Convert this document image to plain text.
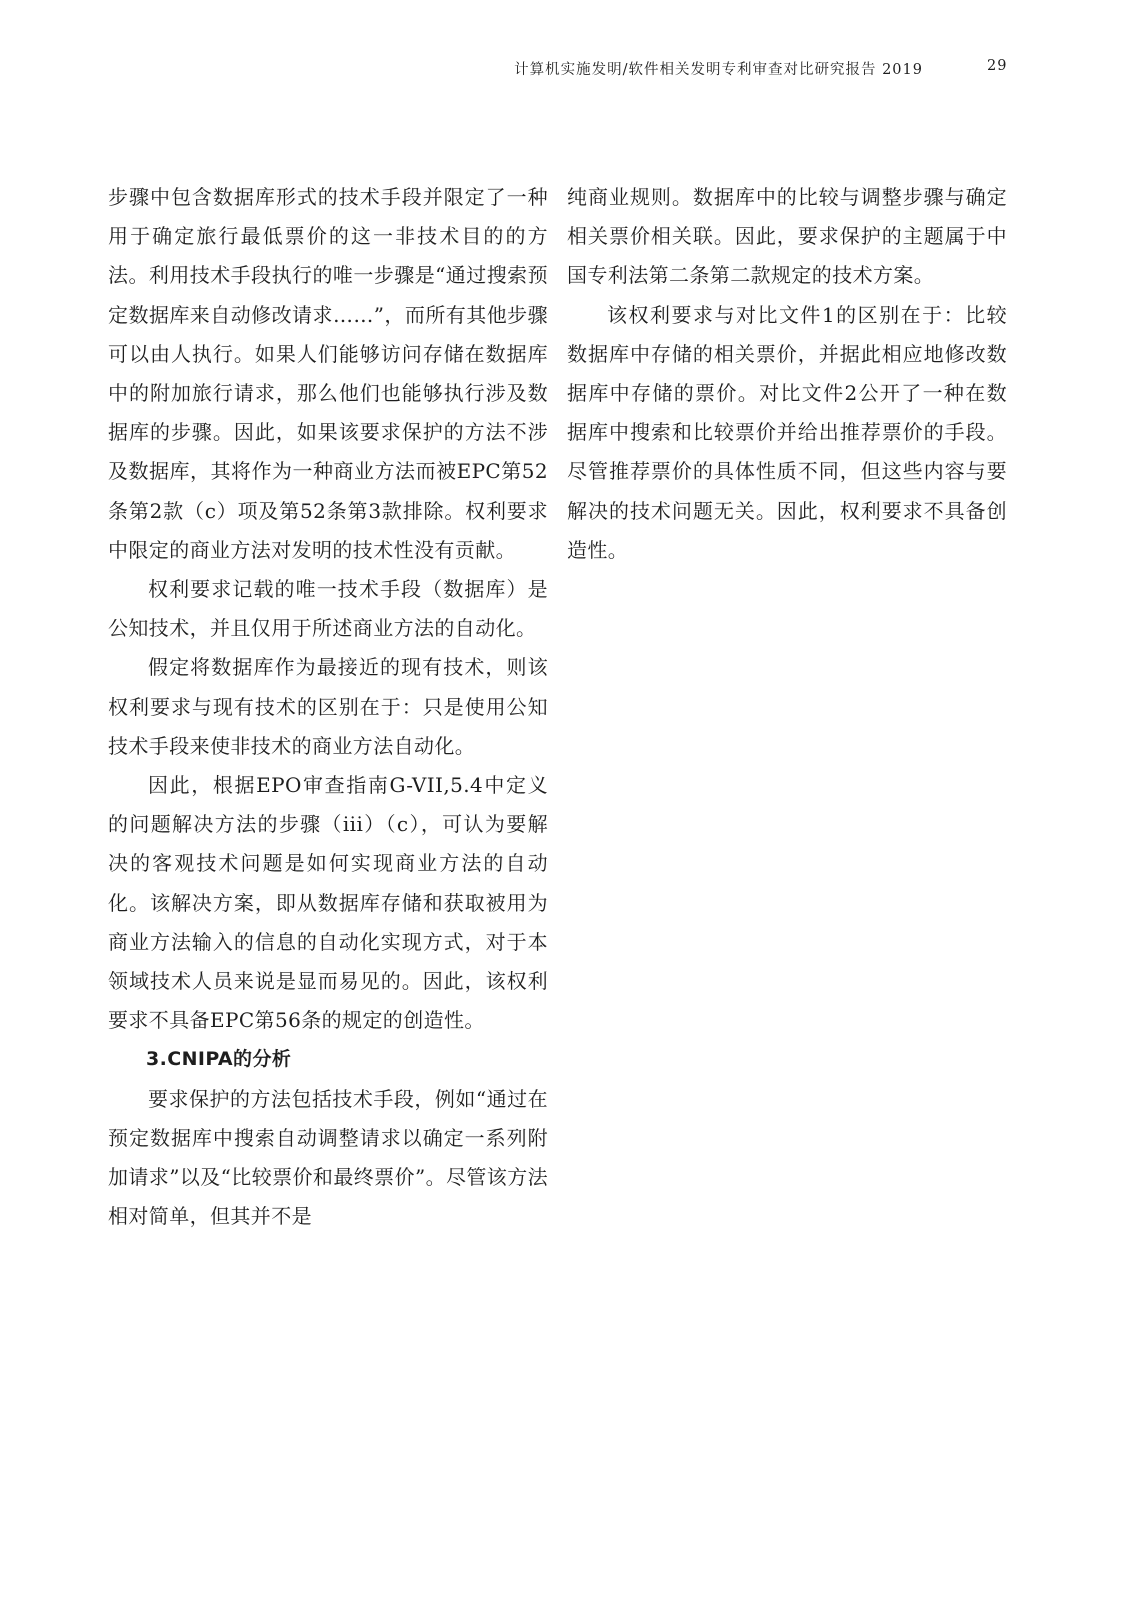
计算机实施发明/软件相关发明专利审查对比研究报告 2019	29

步骤中包含数据库形式的技术手段并限定了一种用于确定旅行最低票价的这一非技术目的的方法。利用技术手段执行的唯一步骤是“通过搜索预定数据库来自动修改请求……”，而所有其他步骤可以由人执行。如果人们能够访问存储在数据库中的附加旅行请求，那么他们也能够执行涉及数据库的步骤。因此，如果该要求保护的方法不涉及数据库，其将作为一种商业方法而被EPC第52条第2款（c）项及第52条第3款排除。权利要求中限定的商业方法对发明的技术性没有贡献。

权利要求记载的唯一技术手段（数据库）是公知技术，并且仅用于所述商业方法的自动化。

假定将数据库作为最接近的现有技术，则该权利要求与现有技术的区别在于：只是使用公知技术手段来使非技术的商业方法自动化。

因此，根据EPO审查指南G-VII,5.4中定义的问题解决方法的步骤（iii）（c），可认为要解决的客观技术问题是如何实现商业方法的自动化。该解决方案，即从数据库存储和获取被用为商业方法输入的信息的自动化实现方式，对于本领域技术人员来说是显而易见的。因此，该权利要求不具备EPC第56条的规定的创造性。

3.CNIPA的分析

要求保护的方法包括技术手段，例如“通过在预定数据库中搜索自动调整请求以确定一系列附加请求”以及“比较票价和最终票价”。尽管该方法相对简单，但其并不是

纯商业规则。数据库中的比较与调整步骤与确定相关票价相关联。因此，要求保护的主题属于中国专利法第二条第二款规定的技术方案。

该权利要求与对比文件1的区别在于：比较数据库中存储的相关票价，并据此相应地修改数据库中存储的票价。对比文件2公开了一种在数据库中搜索和比较票价并给出推荐票价的手段。尽管推荐票价的具体性质不同，但这些内容与要解决的技术问题无关。因此，权利要求不具备创造性。
